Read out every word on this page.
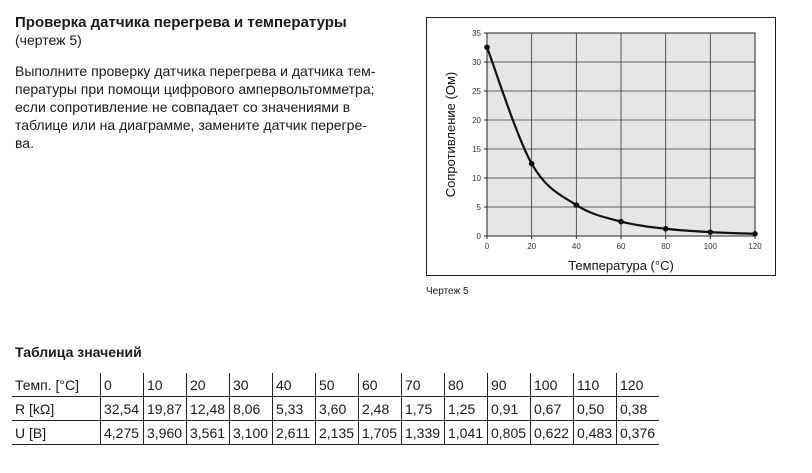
Проверка датчика перегрева и температуры
(чертеж 5)
Выполните проверку датчика перегрева и датчика тем-
пературы при помощи цифрового ампервольтомметра;
если сопротивление не совпадает со значениями в
таблице или на диаграмме, замените датчик перегре-
ва.
0	20	40	60	80	100	120
0
5
10
15
20
25
30
35
Температура (°C)
Сопротивление (Ом)
Чертеж 5
Таблица значений
Темп. [°C]	0	10	20	30	40	50	60	70	80	90	100	110	120
R [kΩ]	32,54	19,87	12,48	8,06	5,33	3,60	2,48	1,75	1,25	0,91	0,67	0,50	0,38
U [B]	4,275	3,960	3,561	3,100	2,611	2,135	1,705	1,339	1,041	0,805	0,622	0,483	0,376
